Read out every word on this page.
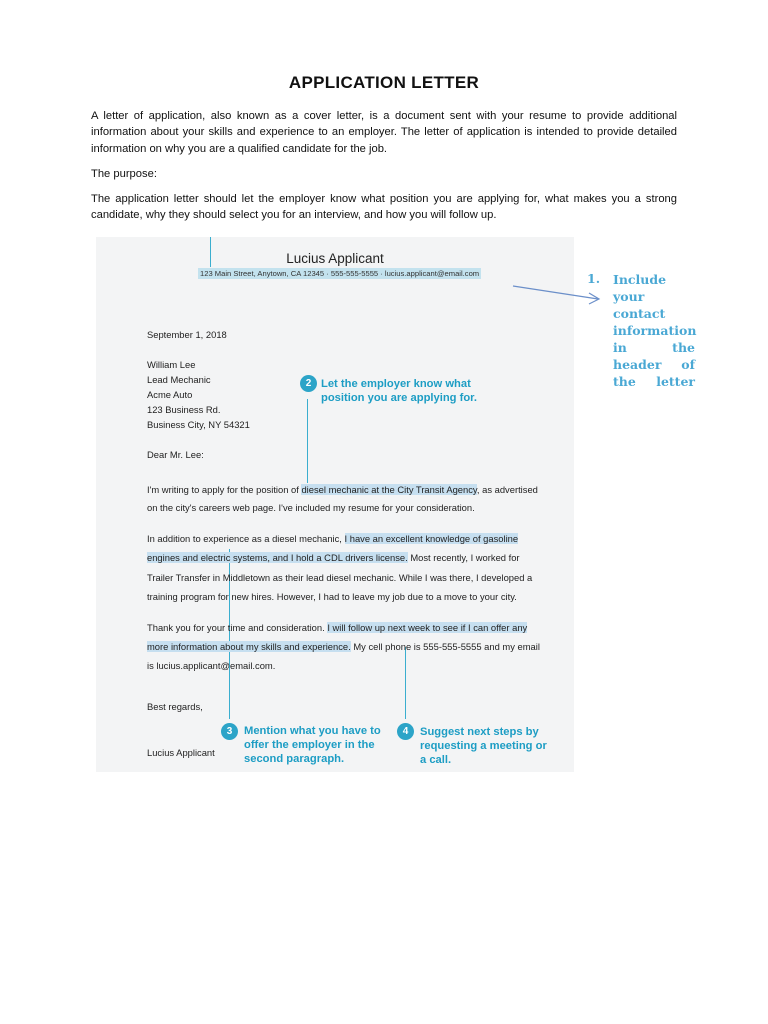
APPLICATION LETTER

A letter of application, also known as a cover letter, is a document sent with your resume to provide additional information about your skills and experience to an employer. The letter of application is intended to provide detailed information on why you are a qualified candidate for the job.

The purpose:

The application letter should let the employer know what position you are applying for, what makes you a strong candidate, why they should select you for an interview, and how you will follow up.

Lucius Applicant
123 Main Street, Anytown, CA 12345 · 555-555-5555 · lucius.applicant@email.com
September 1, 2018
William Lee
Lead Mechanic
Acme Auto
123 Business Rd.
Business City, NY 54321
Dear Mr. Lee:
I'm writing to apply for the position of diesel mechanic at the City Transit Agency, as advertised
on the city's careers web page. I've included my resume for your consideration.
In addition to experience as a diesel mechanic, I have an excellent knowledge of gasoline
engines and electric systems, and I hold a CDL drivers license. Most recently, I worked for
Trailer Transfer in Middletown as their lead diesel mechanic. While I was there, I developed a
training program for new hires. However, I had to leave my job due to a move to your city.
Thank you for your time and consideration. I will follow up next week to see if I can offer any
more information about my skills and experience. My cell phone is 555-555-5555 and my email
is lucius.applicant@email.com.
Best regards,
Lucius Applicant
2 Let the employer know what
position you are applying for.
3	Mention what you have to
offer the employer in the
second paragraph.
4	Suggest next steps by
requesting a meeting or
a call.
1. Include
your
contact
information
in the
header of
the letter
